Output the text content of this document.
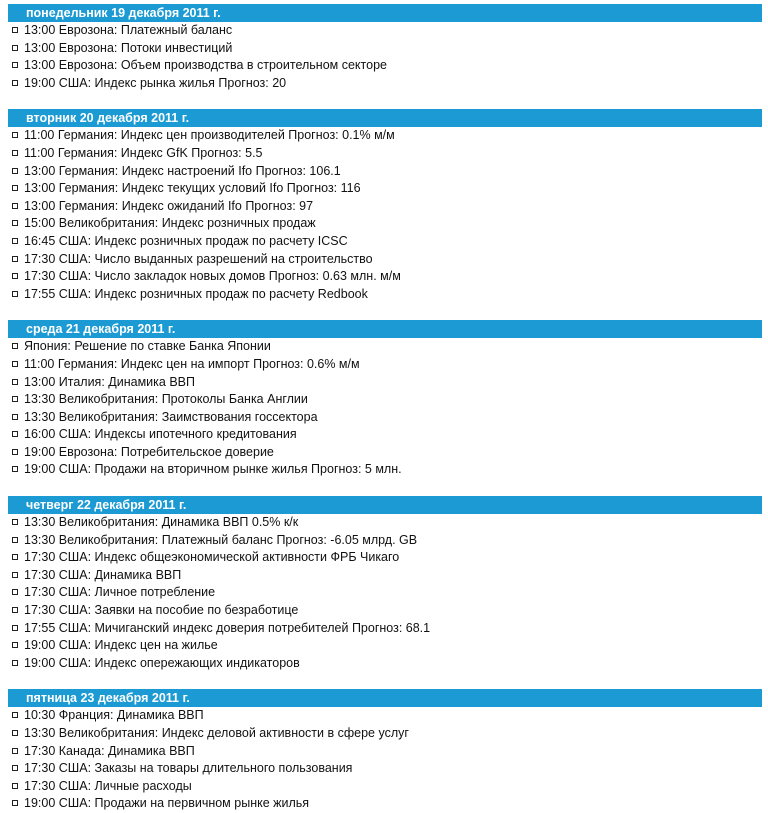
понедельник 19 декабря 2011 г.
13:00 Еврозона: Платежный баланс
13:00 Еврозона: Потоки инвестиций
13:00 Еврозона: Объем производства в строительном секторе
19:00 США: Индекс рынка жилья Прогноз: 20
вторник 20 декабря 2011 г.
11:00 Германия: Индекс цен производителей Прогноз: 0.1% м/м
11:00 Германия: Индекс GfK Прогноз: 5.5
13:00 Германия: Индекс настроений Ifo Прогноз: 106.1
13:00 Германия: Индекс текущих условий Ifo Прогноз: 116
13:00 Германия: Индекс ожиданий Ifo Прогноз: 97
15:00 Великобритания: Индекс розничных продаж
16:45 США: Индекс розничных продаж по расчету ICSC
17:30 США: Число выданных разрешений на строительство
17:30 США: Число закладок новых домов Прогноз: 0.63 млн. м/м
17:55 США: Индекс розничных продаж по расчету Redbook
среда 21 декабря 2011 г.
Япония: Решение по ставке Банка Японии
11:00 Германия: Индекс цен на импорт Прогноз: 0.6% м/м
13:00 Италия: Динамика ВВП
13:30 Великобритания: Протоколы Банка Англии
13:30 Великобритания: Заимствования госсектора
16:00 США: Индексы ипотечного кредитования
19:00 Еврозона: Потребительское доверие
19:00 США: Продажи на вторичном рынке жилья Прогноз: 5 млн.
четверг 22 декабря 2011 г.
13:30 Великобритания: Динамика ВВП 0.5% к/к
13:30 Великобритания: Платежный баланс Прогноз: -6.05 млрд. GB
17:30 США: Индекс общеэкономической активности ФРБ Чикаго
17:30 США: Динамика ВВП
17:30 США: Личное потребление
17:30 США: Заявки на пособие по безработице
17:55 США: Мичиганский индекс доверия потребителей Прогноз: 68.1
19:00 США: Индекс цен на жилье
19:00 США: Индекс опережающих индикаторов
пятница 23 декабря 2011 г.
10:30 Франция: Динамика ВВП
13:30 Великобритания: Индекс деловой активности в сфере услуг
17:30 Канада: Динамика ВВП
17:30 США: Заказы на товары длительного пользования
17:30 США: Личные расходы
19:00 США: Продажи на первичном рынке жилья
